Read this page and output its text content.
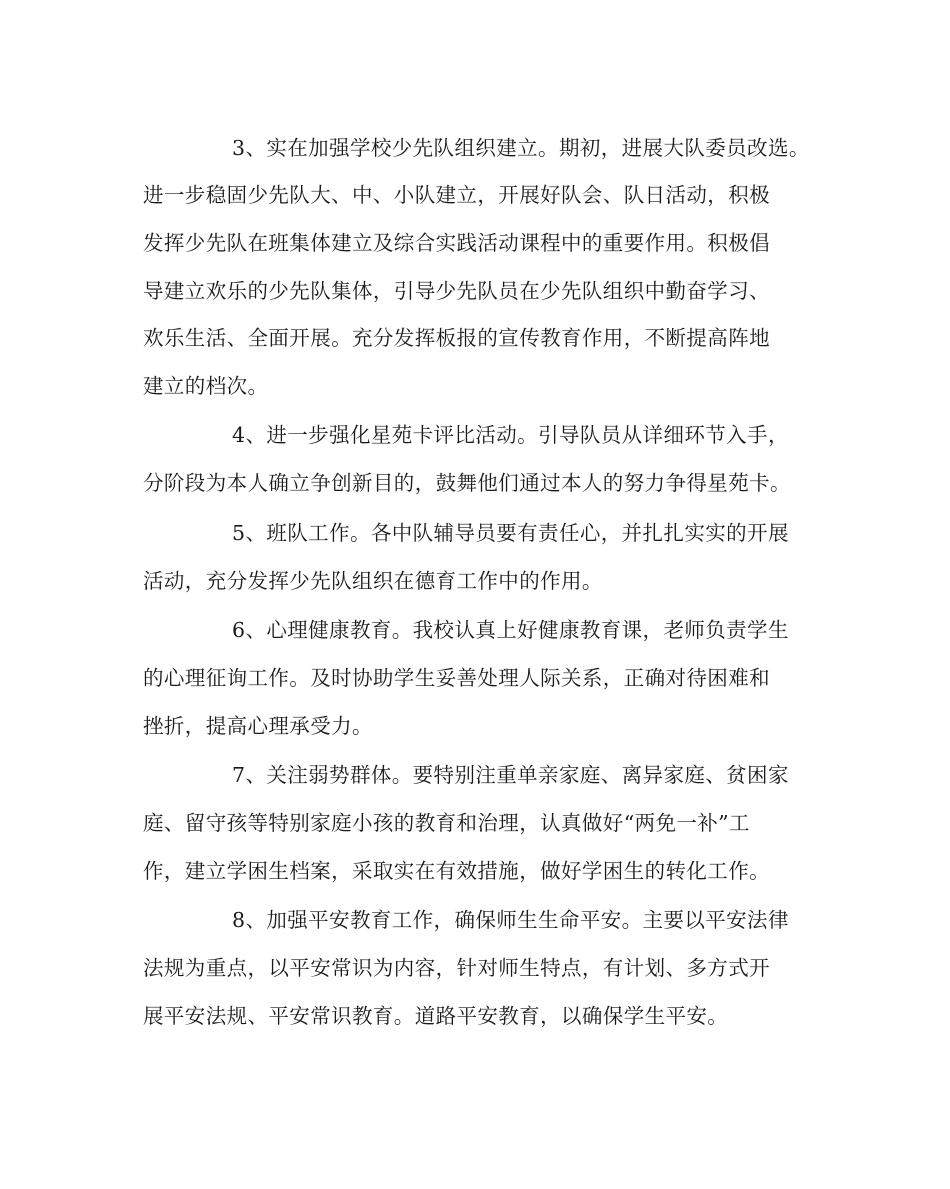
3、实在加强学校少先队组织建立。期初，进展大队委员改选。
进一步稳固少先队大、中、小队建立，开展好队会、队日活动，积极
发挥少先队在班集体建立及综合实践活动课程中的重要作用。积极倡
导建立欢乐的少先队集体，引导少先队员在少先队组织中勤奋学习、
欢乐生活、全面开展。充分发挥板报的宣传教育作用，不断提高阵地
建立的档次。
4、进一步强化星苑卡评比活动。引导队员从详细环节入手，
分阶段为本人确立争创新目的，鼓舞他们通过本人的努力争得星苑卡。
5、班队工作。各中队辅导员要有责任心，并扎扎实实的开展
活动，充分发挥少先队组织在德育工作中的作用。
6、心理健康教育。我校认真上好健康教育课，老师负责学生
的心理征询工作。及时协助学生妥善处理人际关系，正确对待困难和
挫折，提高心理承受力。
7、关注弱势群体。要特别注重单亲家庭、离异家庭、贫困家
庭、留守孩等特别家庭小孩的教育和治理，认真做好“两免一补”工
作，建立学困生档案，采取实在有效措施，做好学困生的转化工作。
8、加强平安教育工作，确保师生生命平安。主要以平安法律
法规为重点，以平安常识为内容，针对师生特点，有计划、多方式开
展平安法规、平安常识教育。道路平安教育，以确保学生平安。
